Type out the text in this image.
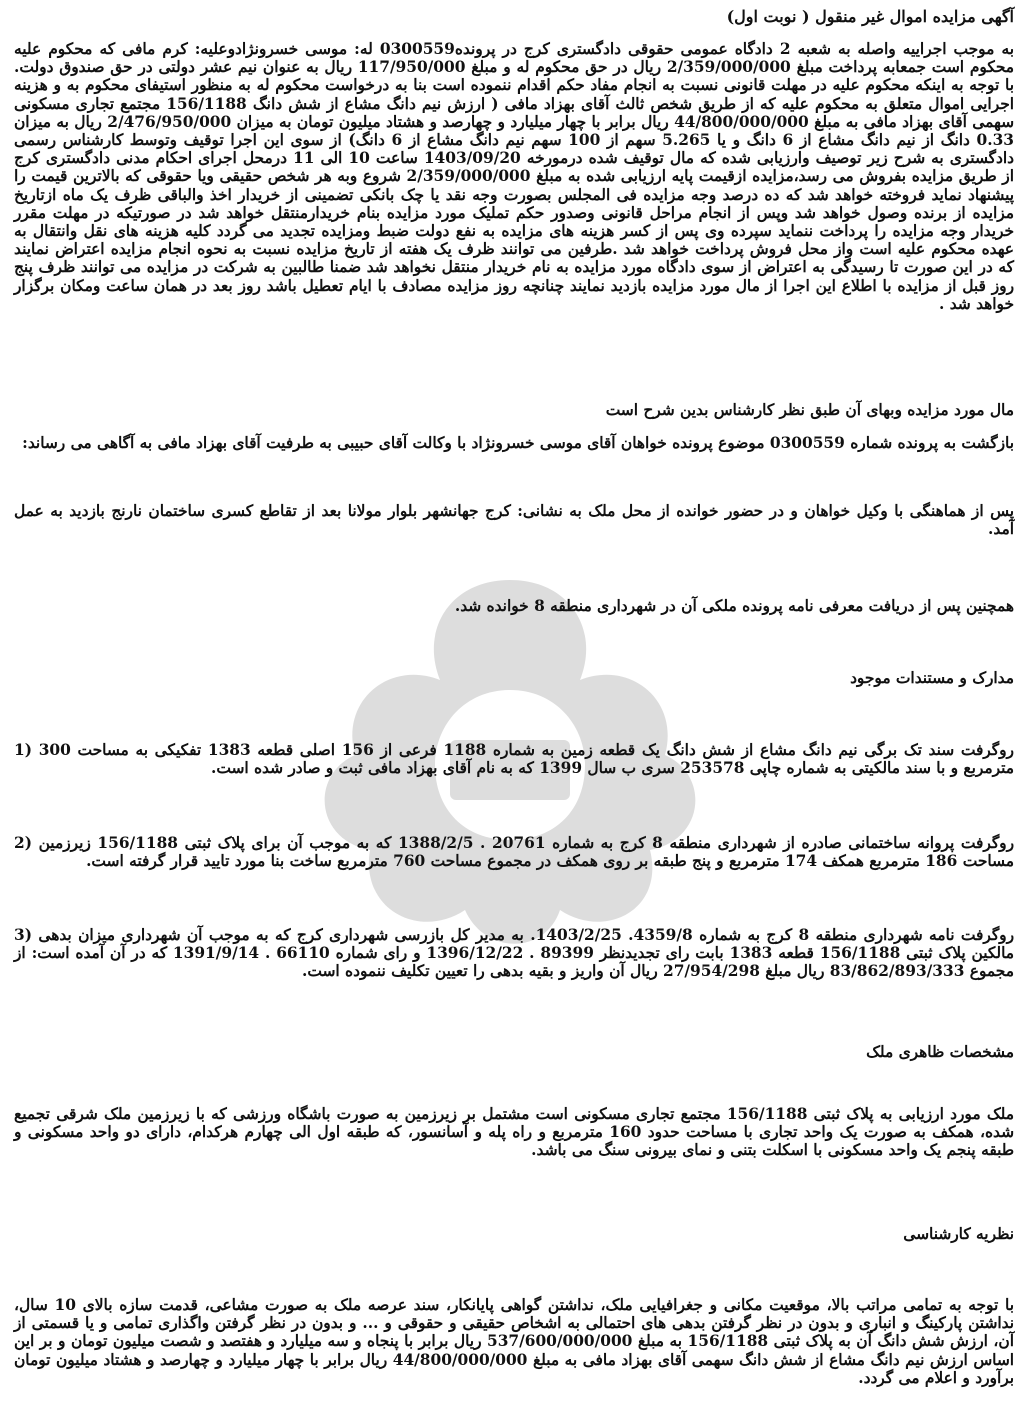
آگهی مزایده اموال غیر منقول ( نوبت اول)

به موجب اجراییه واصله به شعبه 2 دادگاه عمومی حقوقی دادگستری کرج در پرونده0300559 له: موسی خسرونژادوعلیه: کرم مافی که محکوم علیه محکوم است جمعابه پرداخت مبلغ 2/359/000/000 ریال در حق محکوم له و مبلغ 117/950/000 ریال به عنوان نیم عشر دولتی در حق صندوق دولت. با توجه به اینکه محکوم علیه در مهلت قانونی نسبت به انجام مفاد حکم اقدام ننموده است بنا به درخواست محکوم له به منظور استیفای محکوم به و هزینه اجرایی اموال متعلق به محکوم علیه که از طریق شخص ثالث آقای بهزاد مافی ( ارزش نیم دانگ مشاع از شش دانگ 156/1188 مجتمع تجاری مسکونی سهمی آقای بهزاد مافی به مبلغ 44/800/000/000 ریال برابر با چهار میلیارد و چهارصد و هشتاد میلیون تومان به میزان 2/476/950/000 ریال به میزان 0.33 دانگ از نیم دانگ مشاع از 6 دانگ و یا 5.265 سهم از 100 سهم نیم دانگ مشاع از 6 دانگ) از سوی این اجرا توقیف وتوسط کارشناس رسمی دادگستری به شرح زیر توصیف وارزیابی شده که مال توقیف شده درمورخه 1403/09/20 ساعت 10 الی 11 درمحل اجرای احکام مدنی دادگستری کرج از طریق مزایده بفروش می رسد،مزایده ازقیمت پایه ارزیابی شده به مبلغ 2/359/000/000 شروع وبه هر شخص حقیقی ویا حقوقی که بالاترین قیمت را پیشنهاد نماید فروخته خواهد شد که ده درصد وجه مزایده فی المجلس بصورت وجه نقد یا چک بانکی تضمینی از خریدار اخذ والباقی ظرف یک ماه ازتاریخ مزایده از برنده وصول خواهد شد وپس از انجام مراحل قانونی وصدور حکم تملیک مورد مزایده بنام خریدارمنتقل خواهد شد در صورتیکه در مهلت مقرر خریدار وجه مزایده را پرداخت ننماید سپرده وی پس از کسر هزینه های مزایده به نفع دولت ضبط ومزایده تجدید می گردد کلیه هزینه های نقل وانتقال به عهده محکوم علیه است واز محل فروش پرداخت خواهد شد .طرفین می توانند ظرف یک هفته از تاریخ مزایده نسبت به نحوه انجام مزایده اعتراض نمایند که در این صورت تا رسیدگی به اعتراض از سوی دادگاه مورد مزایده به نام خریدار منتقل نخواهد شد ضمنا طالبین به شرکت در مزایده می توانند ظرف پنج روز قبل از مزایده با اطلاع این اجرا از مال مورد مزایده بازدید نمایند چنانچه روز مزایده مصادف با ایام تعطیل باشد روز بعد در همان ساعت ومکان برگزار خواهد شد .

مال مورد مزایده وبهای آن طبق نظر کارشناس بدین شرح است

بازگشت به پرونده شماره 0300559 موضوع پرونده خواهان آقای موسی خسرونژاد با وکالت آقای حبیبی به طرفیت آقای بهزاد مافی به آگاهی می رساند:

پس از هماهنگی با وکیل خواهان و در حضور خوانده از محل ملک به نشانی: کرج جهانشهر بلوار مولانا بعد از تقاطع کسری ساختمان نارنج بازدید به عمل آمد.

همچنین پس از دریافت معرفی نامه پرونده ملکی آن در شهرداری منطقه 8 خوانده شد.

مدارک و مستندات موجود

روگرفت سند تک برگی نیم دانگ مشاع از شش دانگ یک قطعه زمین به شماره 1188 فرعی از 156 اصلی قطعه 1383 تفکیکی به مساحت 300 (1 مترمربع و با سند مالکیتی به شماره چاپی 253578 سری ب سال 1399 که به نام آقای بهزاد مافی ثبت و صادر شده است.

روگرفت پروانه ساختمانی صادره از شهرداری منطقه 8 کرج به شماره 20761 . 1388/2/5 که به موجب آن برای پلاک ثبتی 156/1188 زیرزمین (2 مساحت 186 مترمربع همکف 174 مترمربع و پنج طبقه بر روی همکف در مجموع مساحت 760 مترمربع ساخت بنا مورد تایید قرار گرفته است.

روگرفت نامه شهرداری منطقه 8 کرج به شماره 4359/8. 1403/2/25. به مدیر کل بازرسی شهرداری کرج که به موجب آن شهرداری میزان بدهی (3 مالکین پلاک ثبتی 156/1188 قطعه 1383 بابت رای تجدیدنظر 89399 . 1396/12/22 و رای شماره 66110 . 1391/9/14 که در آن آمده است: از مجموع 83/862/893/333 ریال مبلغ 27/954/298 ریال آن واریز و بقیه بدهی را تعیین تکلیف ننموده است.

مشخصات ظاهری ملک

ملک مورد ارزیابی به پلاک ثبتی 156/1188 مجتمع تجاری مسکونی است مشتمل بر زیرزمین به صورت باشگاه ورزشی که با زیرزمین ملک شرقی تجمیع شده، همکف به صورت یک واحد تجاری با مساحت حدود 160 مترمربع و راه پله و آسانسور، که طبقه اول الی چهارم هرکدام، دارای دو واحد مسکونی و طبقه پنجم یک واحد مسکونی با اسکلت بتنی و نمای بیرونی سنگ می باشد.

نظریه کارشناسی

با توجه به تمامی مراتب بالا، موقعیت مکانی و جغرافیایی ملک، نداشتن گواهی پایانکار، سند عرصه ملک به صورت مشاعی، قدمت سازه بالای 10 سال، نداشتن پارکینگ و انباری و بدون در نظر گرفتن بدهی های احتمالی به اشخاص حقیقی و حقوقی و ... و بدون در نظر گرفتن واگذاری تمامی و یا قسمتی از آن، ارزش شش دانگ آن به پلاک ثبتی 156/1188 به مبلغ 537/600/000/000 ریال برابر با پنجاه و سه میلیارد و هفتصد و شصت میلیون تومان و بر این اساس ارزش نیم دانگ مشاع از شش دانگ سهمی آقای بهزاد مافی به مبلغ 44/800/000/000 ریال برابر با چهار میلیارد و چهارصد و هشتاد میلیون تومان برآورد و اعلام می گردد.
